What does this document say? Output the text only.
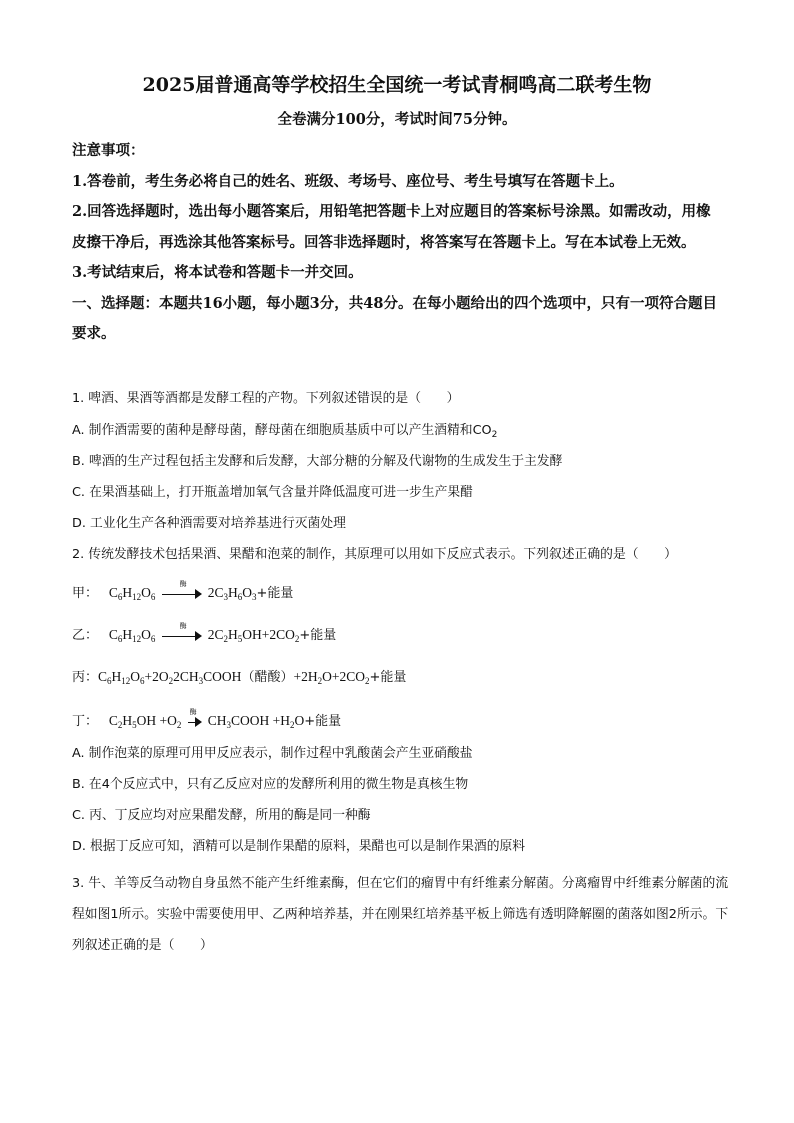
2025届普通高等学校招生全国统一考试青桐鸣高二联考生物
全卷满分100分，考试时间75分钟。
注意事项：
1.答卷前，考生务必将自己的姓名、班级、考场号、座位号、考生号填写在答题卡上。
2.回答选择题时，选出每小题答案后，用铅笔把答题卡上对应题目的答案标号涂黑。如需改动，用橡皮擦干净后，再选涂其他答案标号。回答非选择题时，将答案写在答题卡上。写在本试卷上无效。
3.考试结束后，将本试卷和答题卡一并交回。
一、选择题：本题共16小题，每小题3分，共48分。在每小题给出的四个选项中，只有一项符合题目要求。
1. 啤酒、果酒等酒都是发酵工程的产物。下列叙述错误的是（　　）
A. 制作酒需要的菌种是酵母菌，酵母菌在细胞质基质中可以产生酒精和$CO_2$
B. 啤酒的生产过程包括主发酵和后发酵，大部分糖的分解及代谢物的生成发生于主发酵
C. 在果酒基础上，打开瓶盖增加氧气含量并降低温度可进一步生产果醋
D. 工业化生产各种酒需要对培养基进行灭菌处理
2. 传统发酵技术包括果酒、果醋和泡菜的制作，其原理可以用如下反应式表示。下列叙述正确的是（　　）
甲：   $C_6H_{12}O_6$
酶
$2C_3H_6O_3+$能量
乙：   $C_6H_{12}O_6$
酶
$2C_2H_5OH+2CO_2+$能量
丙：$C_6H_{12}O_6+2O_22CH_3COOH$（醋酸）$+2H_2O+2CO_2+$能量
丁：   $C_2H_5OH +O_2$
酶
$CH_3COOH +H_2O+$能量
A. 制作泡菜的原理可用甲反应表示，制作过程中乳酸菌会产生亚硝酸盐
B. 在4个反应式中，只有乙反应对应的发酵所利用的微生物是真核生物
C. 丙、丁反应均对应果醋发酵，所用的酶是同一种酶
D. 根据丁反应可知，酒精可以是制作果醋的原料，果醋也可以是制作果酒的原料
3. 牛、羊等反刍动物自身虽然不能产生纤维素酶，但在它们的瘤胃中有纤维素分解菌。分离瘤胃中纤维素分解菌的流程如图1所示。实验中需要使用甲、乙两种培养基，并在刚果红培养基平板上筛选有透明降解圈的菌落如图2所示。下列叙述正确的是（　　）
